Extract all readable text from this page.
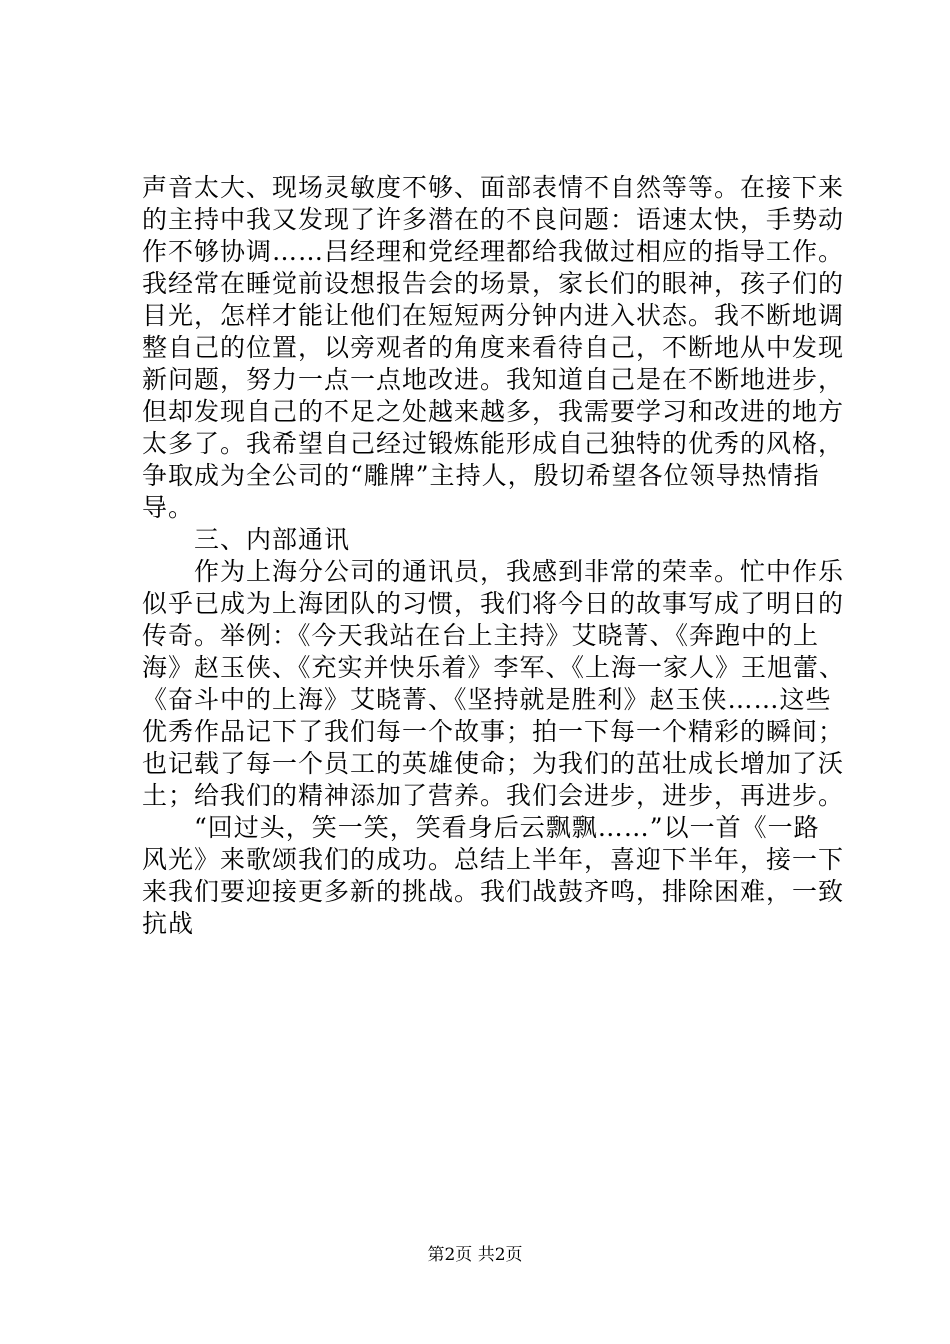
声音太大、现场灵敏度不够、面部表情不自然等等。在接下来
的主持中我又发现了许多潜在的不良问题：语速太快，手势动
作不够协调……吕经理和党经理都给我做过相应的指导工作。
我经常在睡觉前设想报告会的场景，家长们的眼神，孩子们的
目光，怎样才能让他们在短短两分钟内进入状态。我不断地调
整自己的位置，以旁观者的角度来看待自己，不断地从中发现
新问题，努力一点一点地改进。我知道自己是在不断地进步，
但却发现自己的不足之处越来越多，我需要学习和改进的地方
太多了。我希望自己经过锻炼能形成自己独特的优秀的风格，
争取成为全公司的“雕牌”主持人，殷切希望各位领导热情指
导。
　　三、内部通讯
　　作为上海分公司的通讯员，我感到非常的荣幸。忙中作乐
似乎已成为上海团队的习惯，我们将今日的故事写成了明日的
传奇。举例：《今天我站在台上主持》艾晓菁、《奔跑中的上
海》赵玉侠、《充实并快乐着》李军、《上海一家人》王旭蕾、
《奋斗中的上海》艾晓菁、《坚持就是胜利》赵玉侠……这些
优秀作品记下了我们每一个故事；拍一下每一个精彩的瞬间；
也记载了每一个员工的英雄使命；为我们的茁壮成长增加了沃
土；给我们的精神添加了营养。我们会进步，进步，再进步。
　　“回过头，笑一笑，笑看身后云飘飘……”以一首《一路
风光》来歌颂我们的成功。总结上半年，喜迎下半年，接一下
来我们要迎接更多新的挑战。我们战鼓齐鸣，排除困难，一致
抗战
第2页 共2页
